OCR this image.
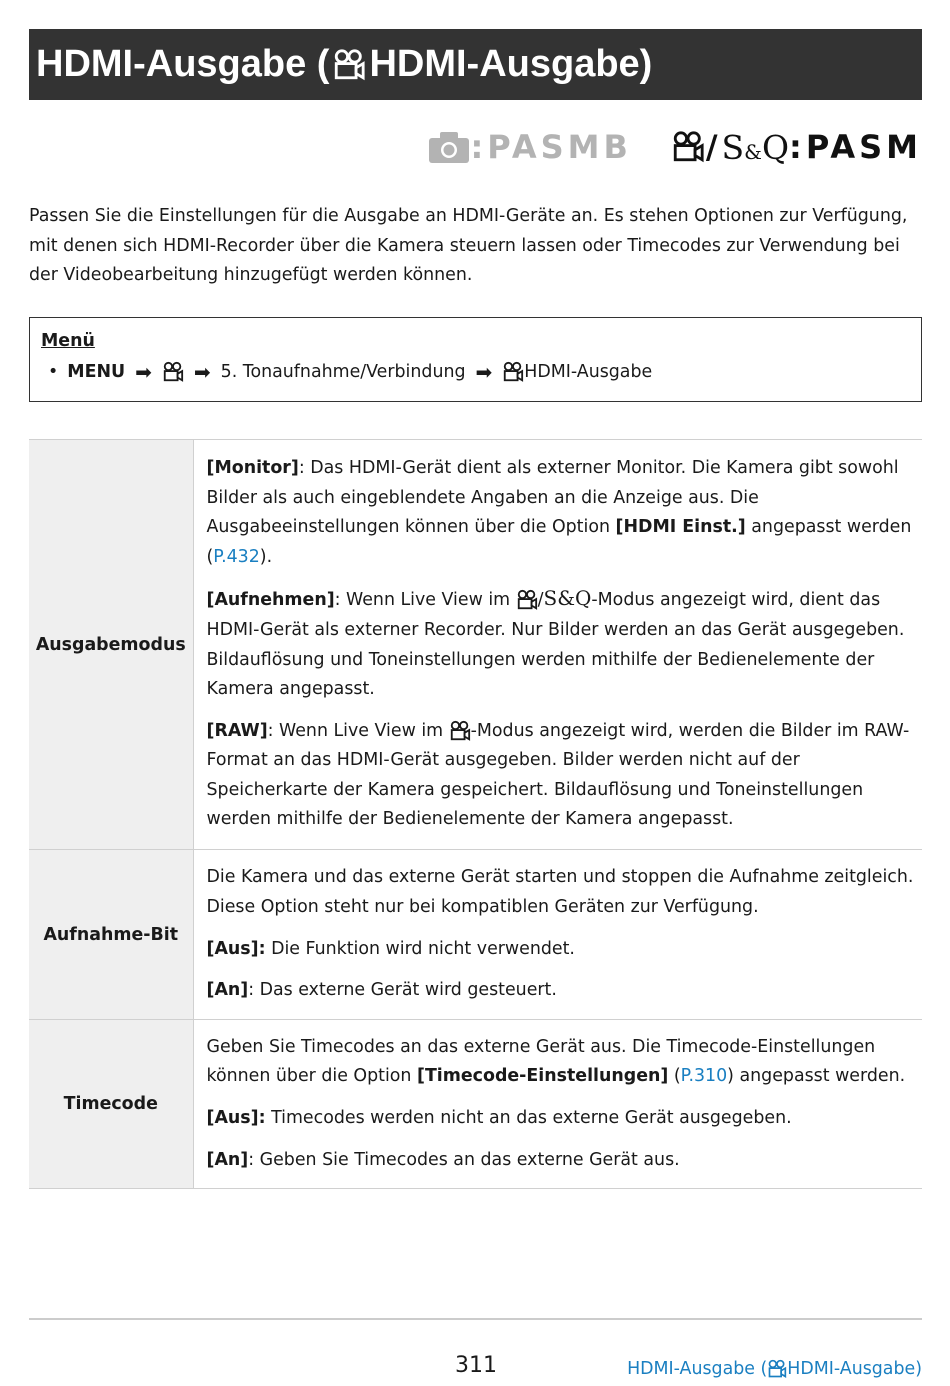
HDMI-Ausgabe ( HDMI-Ausgabe)
:PASMB / S&Q :PASM

Passen Sie die Einstellungen für die Ausgabe an HDMI-Geräte an. Es stehen Optionen zur Verfügung, mit denen sich HDMI-Recorder über die Kamera steuern lassen oder Timecodes zur Verwendung bei der Videobearbeitung hinzugefügt werden können.

Menü
• MENU ➡ ➡ 5. Tonaufnahme/Verbindung ➡ HDMI-Ausgabe
Ausgabemodus	[Monitor]: Das HDMI-Gerät dient als externer Monitor. Die Kamera gibt sowohl Bilder als auch eingeblendete Angaben an die Anzeige aus. Die Ausgabeeinstellungen können über die Option [HDMI Einst.] angepasst werden (P.432).

[Aufnehmen]: Wenn Live View im /S&Q-Modus angezeigt wird, dient das HDMI-Gerät als externer Recorder. Nur Bilder werden an das Gerät ausgegeben. Bildauflösung und Toneinstellungen werden mithilfe der Bedienelemente der Kamera angepasst.

[RAW]: Wenn Live View im -Modus angezeigt wird, werden die Bilder im RAW-Format an das HDMI-Gerät ausgegeben. Bilder werden nicht auf der Speicherkarte der Kamera gespeichert. Bildauflösung und Toneinstellungen werden mithilfe der Bedienelemente der Kamera angepasst.

Aufnahme-Bit	Die Kamera und das externe Gerät starten und stoppen die Aufnahme zeitgleich. Diese Option steht nur bei kompatiblen Geräten zur Verfügung.

[Aus]: Die Funktion wird nicht verwendet.

[An]: Das externe Gerät wird gesteuert.

Timecode	Geben Sie Timecodes an das externe Gerät aus. Die Timecode-Einstellungen können über die Option [Timecode-Einstellungen] (P.310) angepasst werden.

[Aus]: Timecodes werden nicht an das externe Gerät ausgegeben.

[An]: Geben Sie Timecodes an das externe Gerät aus.

311	HDMI-Ausgabe ( HDMI-Ausgabe)
